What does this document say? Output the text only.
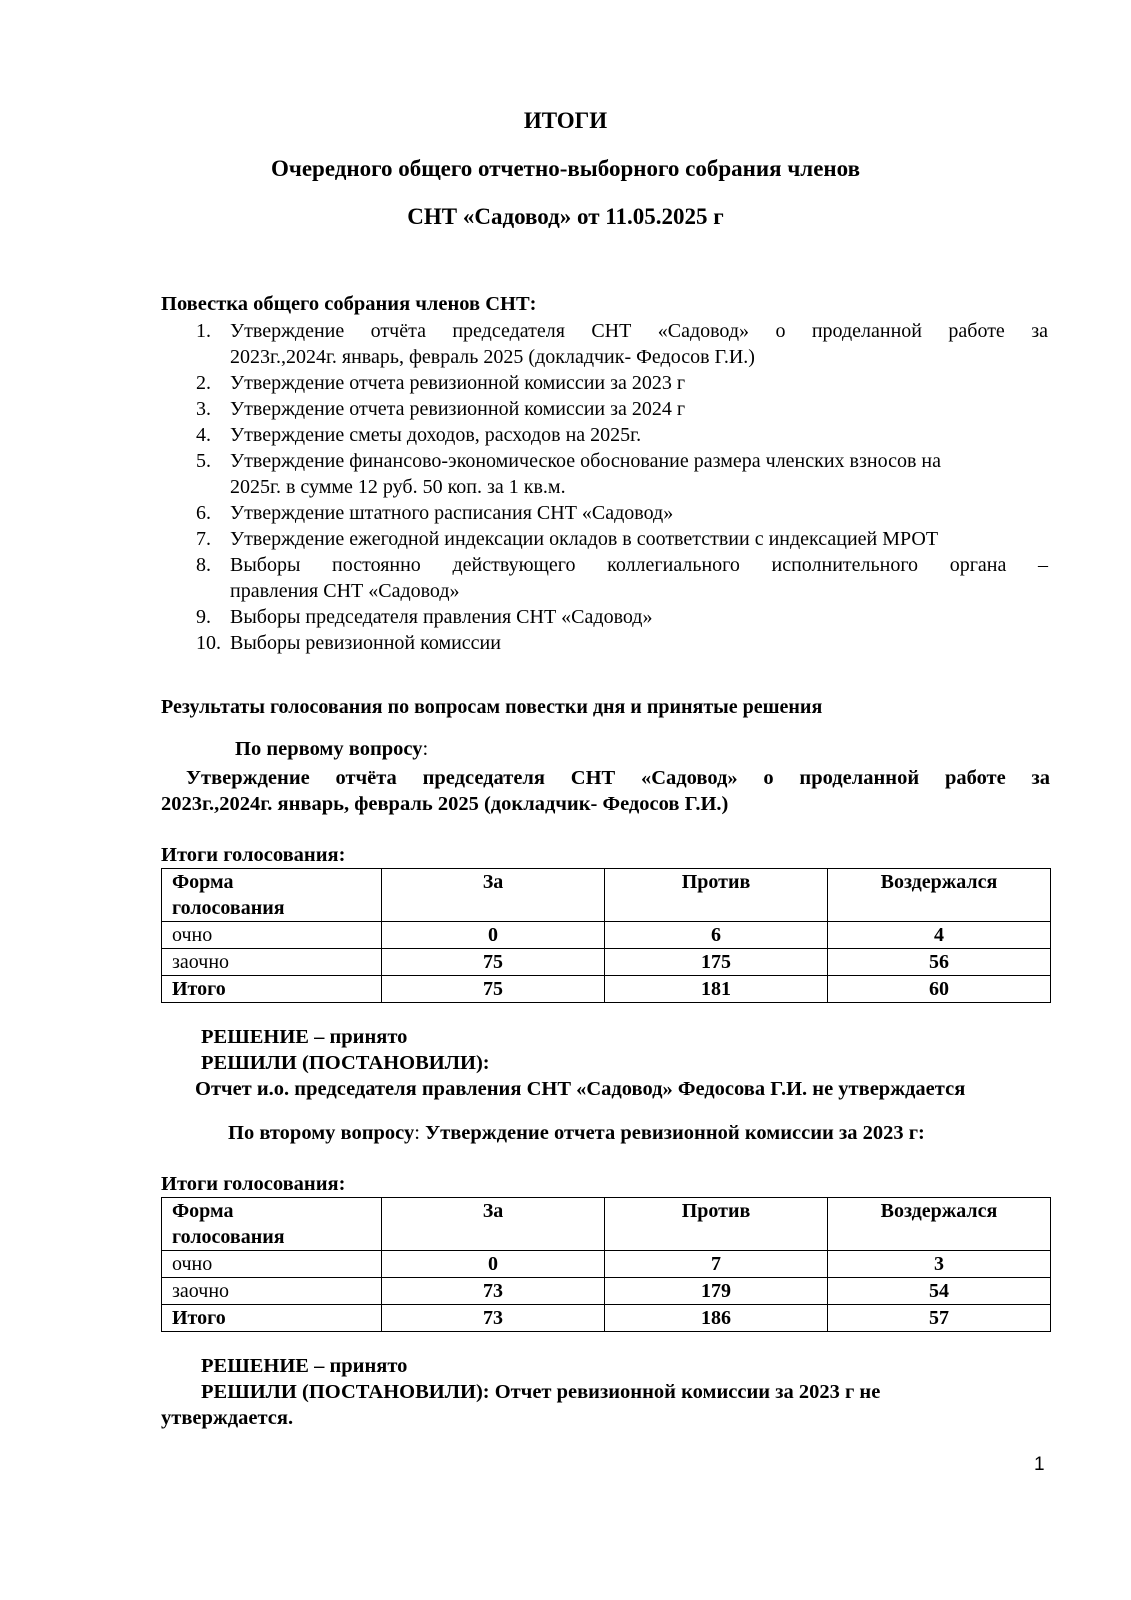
ИТОГИ
Очередного общего отчетно-выборного собрания членов
СНТ «Садовод» от 11.05.2025 г
Повестка общего собрания членов СНТ:
1. Утверждение отчёта председателя СНТ «Садовод» о проделанной работе за
2023г.,2024г. январь, февраль 2025 (докладчик- Федосов Г.И.)
2. Утверждение отчета ревизионной комиссии за 2023 г
3. Утверждение отчета ревизионной комиссии за 2024 г
4. Утверждение сметы доходов, расходов на 2025г.
5. Утверждение финансово-экономическое обоснование размера членских взносов на
2025г. в сумме 12 руб. 50 коп. за 1 кв.м.
6. Утверждение штатного расписания СНТ «Садовод»
7. Утверждение ежегодной индексации окладов в соответствии с индексацией МРОТ
8. Выборы постоянно действующего коллегиального исполнительного органа –
правления СНТ «Садовод»
9. Выборы председателя правления СНТ «Садовод»
10. Выборы ревизионной комиссии
Результаты голосования по вопросам повестки дня и принятые решения
По первому вопросу:
Утверждение отчёта председателя СНТ «Садовод» о проделанной работе за
2023г.,2024г. январь, февраль 2025 (докладчик- Федосов Г.И.)
Итоги голосования:
Форма
голосования	За	Против	Воздержался
очно	0	6	4
заочно	75	175	56
Итого	75	181	60
РЕШЕНИЕ – принято
РЕШИЛИ (ПОСТАНОВИЛИ):
Отчет и.о. председателя правления СНТ «Садовод» Федосова Г.И. не утверждается
По второму вопросу: Утверждение отчета ревизионной комиссии за 2023 г:
Итоги голосования:
Форма
голосования	За	Против	Воздержался
очно	0	7	3
заочно	73	179	54
Итого	73	186	57
РЕШЕНИЕ – принято
РЕШИЛИ (ПОСТАНОВИЛИ): Отчет ревизионной комиссии за 2023 г не
утверждается.
1
